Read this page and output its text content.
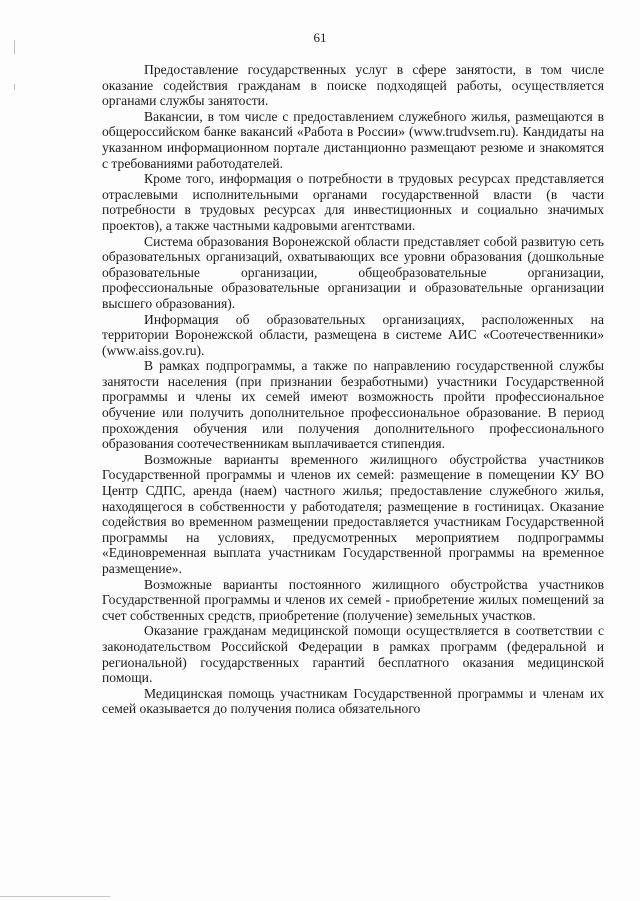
61

Предоставление государственных услуг в сфере занятости, в том числе оказание содействия гражданам в поиске подходящей работы, осуществляется органами службы занятости.

Вакансии, в том числе с предоставлением служебного жилья, размещаются в общероссийском банке вакансий «Работа в России» (www.trudvsem.ru). Кандидаты на указанном информационном портале дистанционно размещают резюме и знакомятся с требованиями работодателей.

Кроме того, информация о потребности в трудовых ресурсах представляется отраслевыми исполнительными органами государственной власти (в части потребности в трудовых ресурсах для инвестиционных и социально значимых проектов), а также частными кадровыми агентствами.

Система образования Воронежской области представляет собой развитую сеть образовательных организаций, охватывающих все уровни образования (дошкольные образовательные организации, общеобразовательные организации, профессиональные образовательные организации и образовательные организации высшего образования).

Информация об образовательных организациях, расположенных на территории Воронежской области, размещена в системе АИС «Соотечественники» (www.aiss.gov.ru).

В рамках подпрограммы, а также по направлению государственной службы занятости населения (при признании безработными) участники Государственной программы и члены их семей имеют возможность пройти профессиональное обучение или получить дополнительное профессиональное образование. В период прохождения обучения или получения дополнительного профессионального образования соотечественникам выплачивается стипендия.

Возможные варианты временного жилищного обустройства участников Государственной программы и членов их семей: размещение в помещении КУ ВО Центр СДПС, аренда (наем) частного жилья; предоставление служебного жилья, находящегося в собственности у работодателя; размещение в гостиницах. Оказание содействия во временном размещении предоставляется участникам Государственной программы на условиях, предусмотренных мероприятием подпрограммы «Единовременная выплата участникам Государственной программы на временное размещение».

Возможные варианты постоянного жилищного обустройства участников Государственной программы и членов их семей - приобретение жилых помещений за счет собственных средств, приобретение (получение) земельных участков.

Оказание гражданам медицинской помощи осуществляется в соответствии с законодательством Российской Федерации в рамках программ (федеральной и региональной) государственных гарантий бесплатного оказания медицинской помощи.

Медицинская помощь участникам Государственной программы и членам их семей оказывается до получения полиса обязательного
